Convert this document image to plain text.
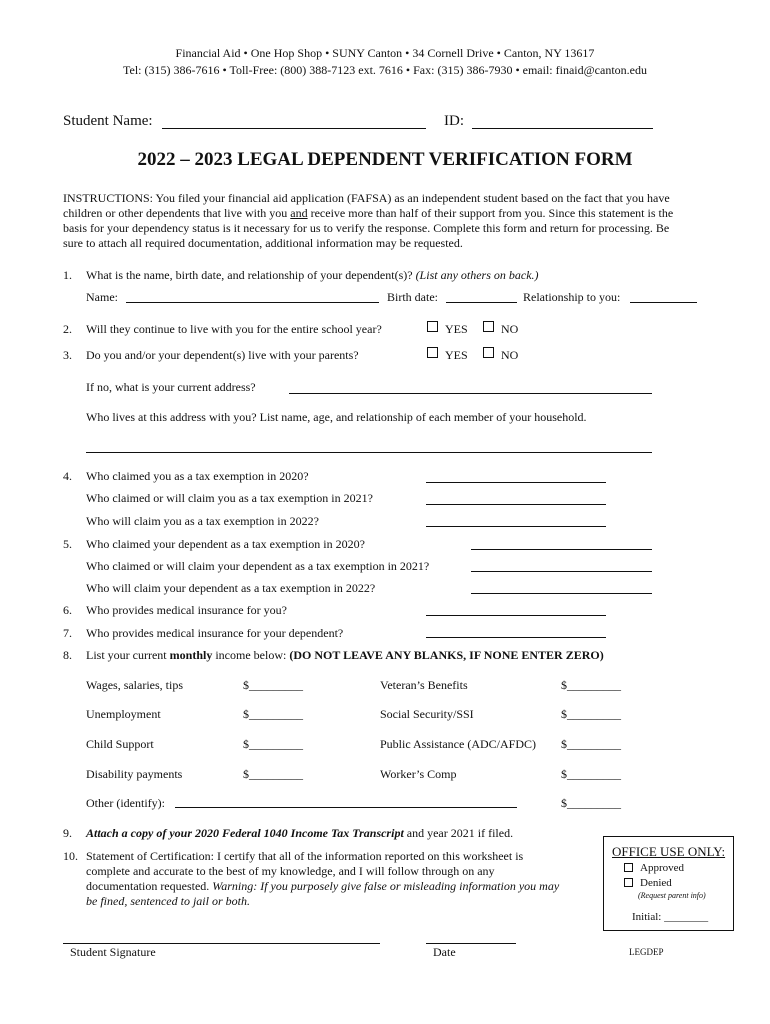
Financial Aid • One Hop Shop • SUNY Canton • 34 Cornell Drive • Canton, NY 13617
Tel: (315) 386-7616 • Toll-Free: (800) 388-7123 ext. 7616 • Fax: (315) 386-7930 • email: finaid@canton.edu
Student Name:	ID:
2022 – 2023 LEGAL DEPENDENT VERIFICATION FORM
INSTRUCTIONS: You filed your financial aid application (FAFSA) as an independent student based on the fact that you have
children or other dependents that live with you and receive more than half of their support from you. Since this statement is the
basis for your dependency status is it necessary for us to verify the response. Complete this form and return for processing. Be
sure to attach all required documentation, additional information may be requested.
1. What is the name, birth date, and relationship of your dependent(s)? (List any others on back.)
Name:	Birth date:	Relationship to you:
2. Will they continue to live with you for the entire school year?	YES	NO
3. Do you and/or your dependent(s) live with your parents?	YES	NO
If no, what is your current address?
Who lives at this address with you? List name, age, and relationship of each member of your household.
4. Who claimed you as a tax exemption in 2020?
Who claimed or will claim you as a tax exemption in 2021?
Who will claim you as a tax exemption in 2022?
5. Who claimed your dependent as a tax exemption in 2020?
Who claimed or will claim your dependent as a tax exemption in 2021?
Who will claim your dependent as a tax exemption in 2022?
6. Who provides medical insurance for you?
7. Who provides medical insurance for your dependent?
8. List your current monthly income below: (DO NOT LEAVE ANY BLANKS, IF NONE ENTER ZERO)
Wages, salaries, tips	$_________	Veteran’s Benefits	$_________
Unemployment	$_________	Social Security/SSI	$_________
Child Support	$_________	Public Assistance (ADC/AFDC) $_________
Disability payments	$_________	Worker’s Comp	$_________
Other (identify):	$_________
9. Attach a copy of your 2020 Federal 1040 Income Tax Transcript and year 2021 if filed.
10. Statement of Certification: I certify that all of the information reported on this worksheet is
complete and accurate to the best of my knowledge, and I will follow through on any
documentation requested. Warning: If you purposely give false or misleading information you may
be fined, sentenced to jail or both.
OFFICE USE ONLY:
Approved
Denied
(Request parent info)
Initial: ________
Student Signature	Date	LEGDEP
